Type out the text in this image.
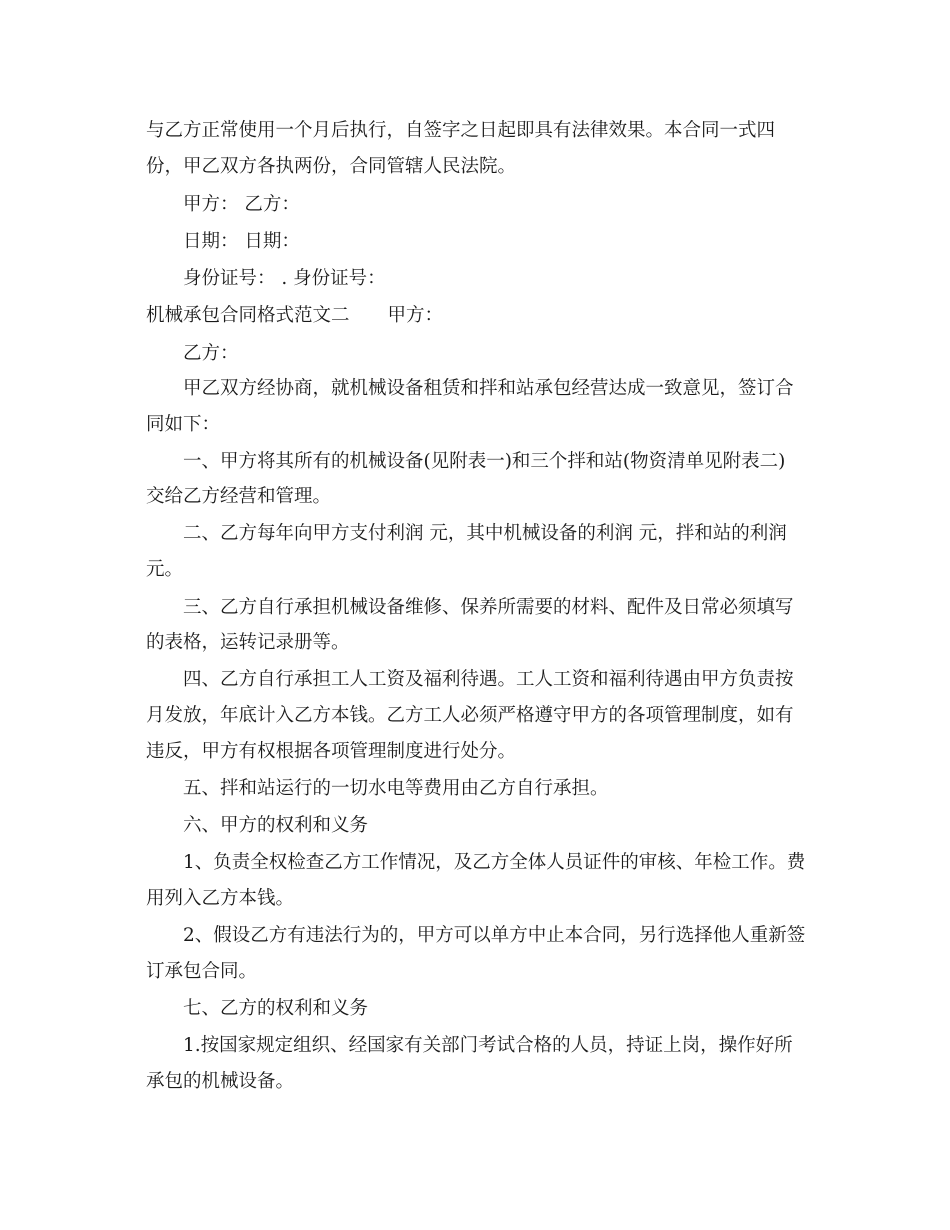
与乙方正常使用一个月后执行，自签字之日起即具有法律效果。本合同一式四
份，甲乙双方各执两份，合同管辖人民法院。
甲方： 乙方：
日期： 日期：
身份证号： . 身份证号：
机械承包合同格式范文二 甲方：
乙方：
甲乙双方经协商，就机械设备租赁和拌和站承包经营达成一致意见，签订合
同如下：
一、甲方将其所有的机械设备(见附表一)和三个拌和站(物资清单见附表二)
交给乙方经营和管理。
二、乙方每年向甲方支付利润 元，其中机械设备的利润 元，拌和站的利润
元。
三、乙方自行承担机械设备维修、保养所需要的材料、配件及日常必须填写
的表格，运转记录册等。
四、乙方自行承担工人工资及福利待遇。工人工资和福利待遇由甲方负责按
月发放，年底计入乙方本钱。乙方工人必须严格遵守甲方的各项管理制度，如有
违反，甲方有权根据各项管理制度进行处分。
五、拌和站运行的一切水电等费用由乙方自行承担。
六、甲方的权利和义务
1、负责全权检查乙方工作情况，及乙方全体人员证件的审核、年检工作。费
用列入乙方本钱。
2、假设乙方有违法行为的，甲方可以单方中止本合同，另行选择他人重新签
订承包合同。
七、乙方的权利和义务
1.按国家规定组织、经国家有关部门考试合格的人员，持证上岗，操作好所
承包的机械设备。
